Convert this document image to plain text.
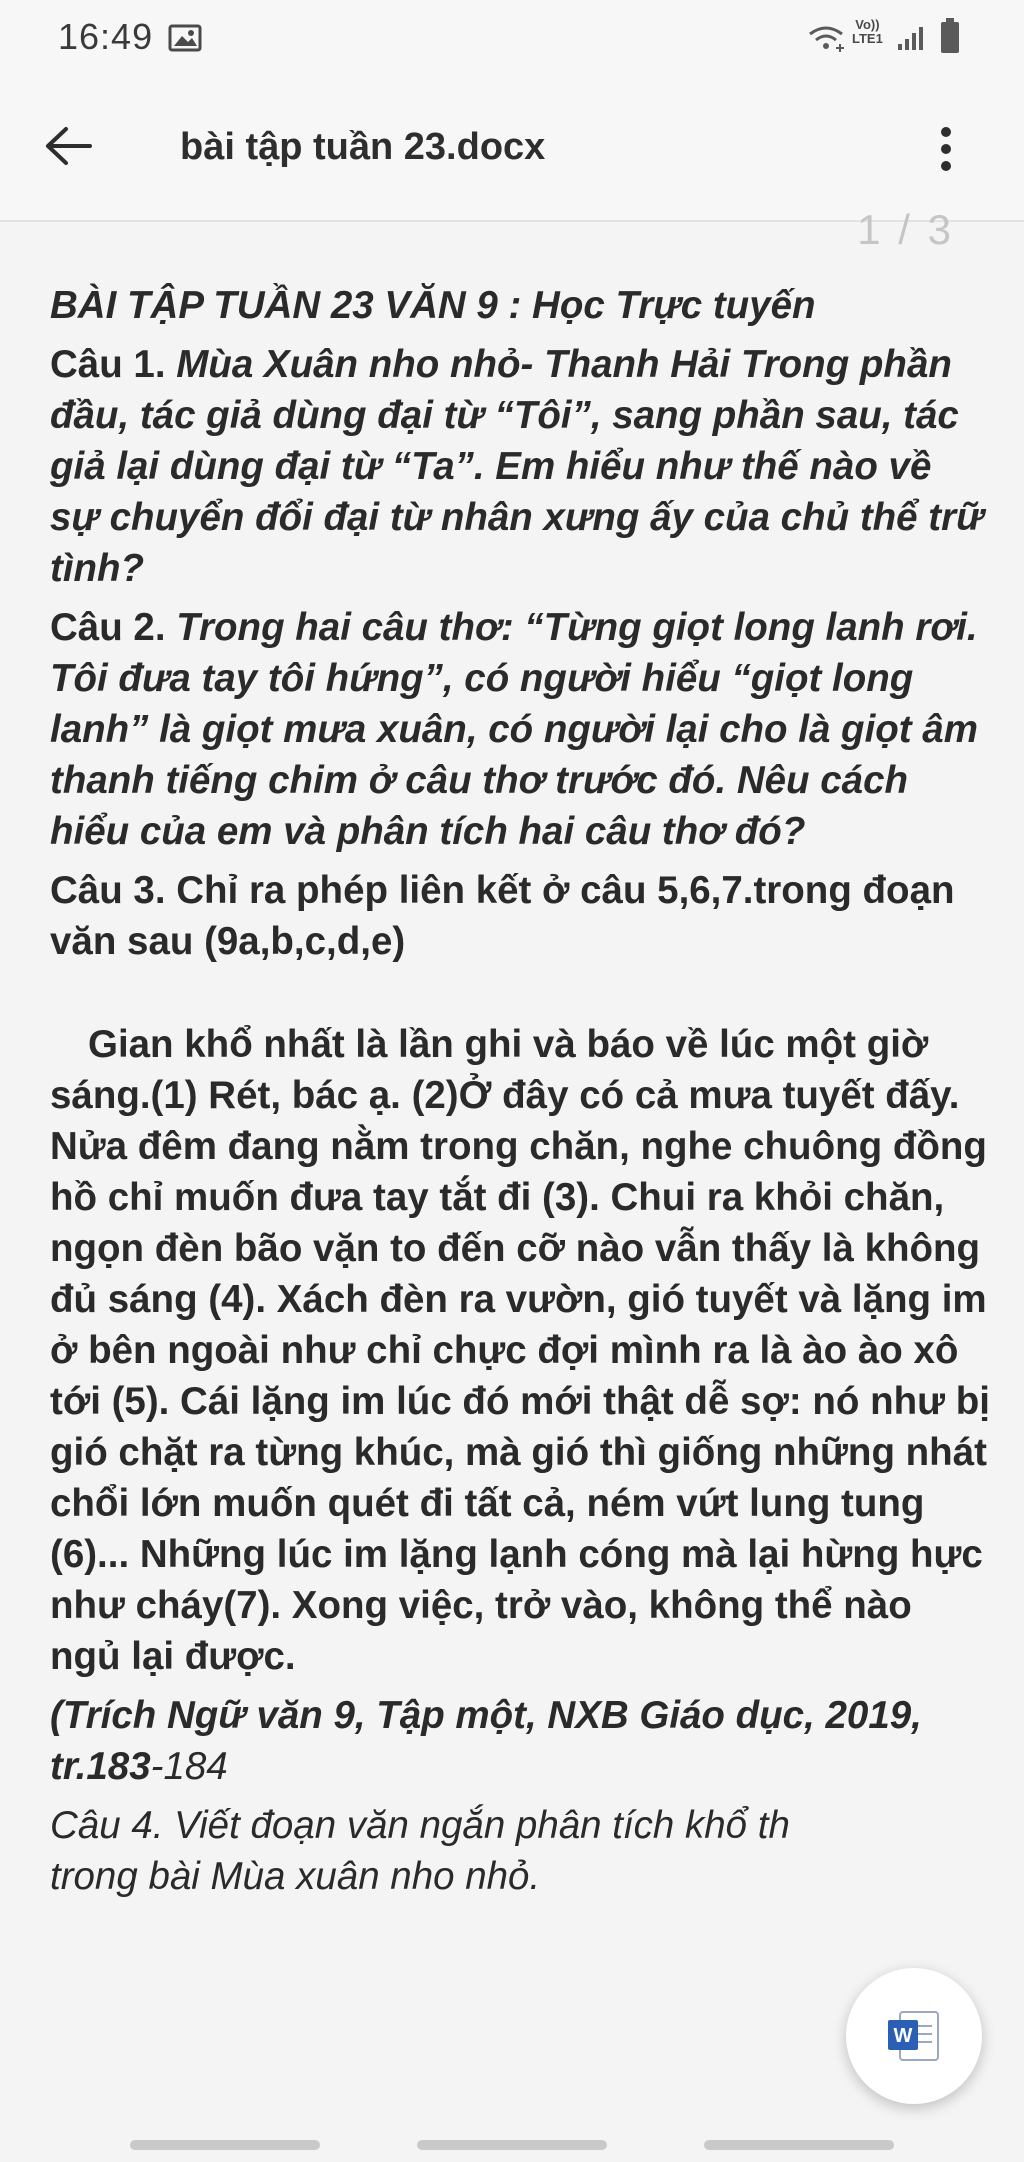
16:49	Vo))
LTE1
bài tập tuần 23.docx
1 / 3

BÀI TẬP TUẦN 23 VĂN 9 : Học Trực tuyến

Câu 1. Mùa Xuân nho nhỏ- Thanh Hải Trong phần đầu, tác giả dùng đại từ “Tôi”, sang phần sau, tác giả lại dùng đại từ “Ta”. Em hiểu như thế nào về sự chuyển đổi đại từ nhân xưng ấy của chủ thể trữ tình?

Câu 2. Trong hai câu thơ: “Từng giọt long lanh rơi. Tôi đưa tay tôi hứng”, có người hiểu “giọt long lanh” là giọt mưa xuân, có người lại cho là giọt âm thanh tiếng chim ở câu thơ trước đó. Nêu cách hiểu của em và phân tích hai câu thơ đó?

Câu 3. Chỉ ra phép liên kết ở câu 5,6,7.trong đoạn văn sau (9a,b,c,d,e)

Gian khổ nhất là lần ghi và báo về lúc một giờ sáng.(1) Rét, bác ạ. (2)Ở đây có cả mưa tuyết đấy. Nửa đêm đang nằm trong chăn, nghe chuông đồng hồ chỉ muốn đưa tay tắt đi (3). Chui ra khỏi chăn, ngọn đèn bão vặn to đến cỡ nào vẫn thấy là không đủ sáng (4). Xách đèn ra vườn, gió tuyết và lặng im ở bên ngoài như chỉ chực đợi mình ra là ào ào xô tới (5). Cái lặng im lúc đó mới thật dễ sợ: nó như bị gió chặt ra từng khúc, mà gió thì giống những nhát chổi lớn muốn quét đi tất cả, ném vứt lung tung (6)... Những lúc im lặng lạnh cóng mà lại hừng hực như cháy(7). Xong việc, trở vào, không thể nào ngủ lại được.

(Trích Ngữ văn 9, Tập một, NXB Giáo dục, 2019, tr.183-184

Câu 4. Viết đoạn văn ngắn phân tích khổ th
trong bài Mùa xuân nho nhỏ.

W
